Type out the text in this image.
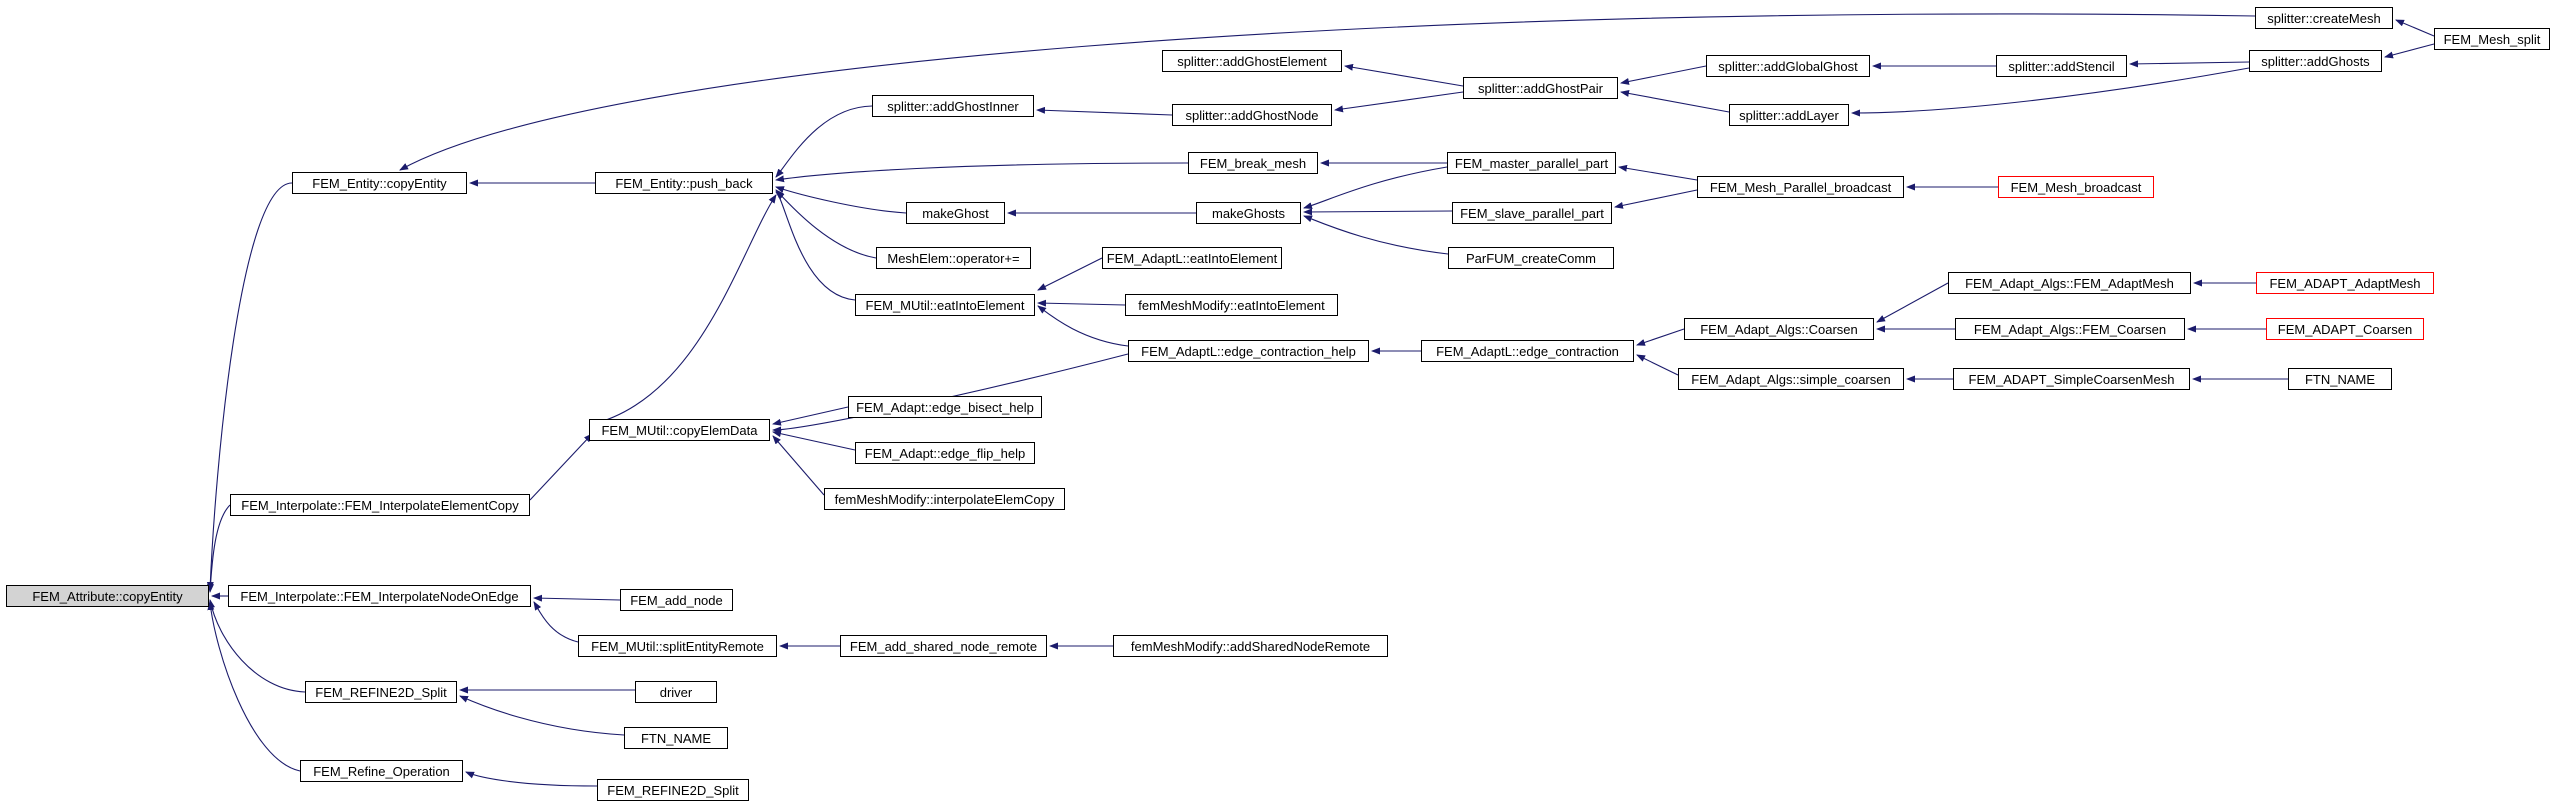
FEM_Attribute::copyEntity
FEM_Entity::copyEntity	FEM_Entity::push_back
splitter::addGhostInner
splitter::addGhostElement
splitter::addGhostNode
splitter::addGhostPair
splitter::addGlobalGhost
splitter::addLayer
splitter::addStencil	splitter::addGhosts
splitter::createMesh
FEM_Mesh_split
FEM_break_mesh
makeGhost	makeGhosts
FEM_master_parallel_part
FEM_slave_parallel_part
ParFUM_createComm
FEM_Mesh_Parallel_broadcast	FEM_Mesh_broadcast
MeshElem::operator+=
FEM_MUtil::eatIntoElement
FEM_AdaptL::eatIntoElement
femMeshModify::eatIntoElement
FEM_AdaptL::edge_contraction_help	FEM_AdaptL::edge_contraction
FEM_Adapt_Algs::Coarsen
FEM_Adapt_Algs::simple_coarsen
FEM_Adapt_Algs::FEM_AdaptMesh
FEM_Adapt_Algs::FEM_Coarsen
FEM_ADAPT_SimpleCoarsenMesh
FEM_ADAPT_AdaptMesh
FEM_ADAPT_Coarsen
FTN_NAME
FEM_MUtil::copyElemData
FEM_Adapt::edge_bisect_help
FEM_Adapt::edge_flip_help
femMeshModify::interpolateElemCopy
FEM_Interpolate::FEM_InterpolateElementCopy
FEM_Interpolate::FEM_InterpolateNodeOnEdge	FEM_add_node
FEM_MUtil::splitEntityRemote	FEM_add_shared_node_remote	femMeshModify::addSharedNodeRemote
FEM_REFINE2D_Split	driver
FTN_NAME
FEM_Refine_Operation
FEM_REFINE2D_Split
